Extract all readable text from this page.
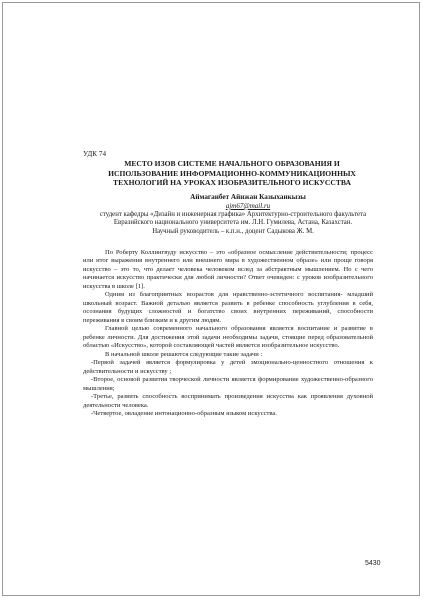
УДК 74

МЕСТО ИЗОВ СИСТЕМЕ НАЧАЛЬНОГО ОБРАЗОВАНИЯ И
ИСПОЛЬЗОВАНИЕ ИНФОРМАЦИОННО-КОММУНИКАЦИОННЫХ
ТЕХНОЛОГИЙ НА УРОКАХ ИЗОБРАЗИТЕЛЬНОГО ИСКУССТВА

Аймаганбет Айнжан Казыханкызы

ajm67@mail.ru

студент кафедры «Дизайн и инженерная графика» Архитектурно-строительного факультета Евразийского национального университета им. Л.Н. Гумилева, Астана, Казахстан.

Научный руководитель – к.п.н., доцент Садыкова Ж. М.

По Роберту Коллингвуду искусство – это «образное осмысление действительности; процесс или итог выражения внутреннего или внешнего мира в художественном образе» или проще говоря искусство – это то, что делает человека человеком вслед за абстрактным мышлением. Но с чего начинается искусство практически для любой личности? Ответ очевиден: с уроков изобразительного искусства в школе [1].

Одним из благоприятных возрастов для нравственно-эстетичного воспитания- младший школьный возраст. Важной деталью является развить в ребенке способность углубления в себя, осознания будущих сложностей и богатство своих внутренних переживаний, способности переживания в своим близким и к другим людям.

Главной целью современного начального образования является воспитание и развитие в ребенке личности. Для достижения этой задачи необходимы задачи, стоящие перед образовательной областью «Искусство», которой составляющей частей является изобразительное искусство.

В начальной школе решаются следующие такие задачи :

-Первой задачей является формулировка у детей эмоционально-ценностного отношения к действительности и искусству ;

-Второе, основой развития творческой личности является формирование художественно-образного мышления;

-Третье, развить способность воспринимать произведения искусства как проявления духовной деятельности человека.

-Четвертое, овладение интонационно-образным языком искусства.

5430
